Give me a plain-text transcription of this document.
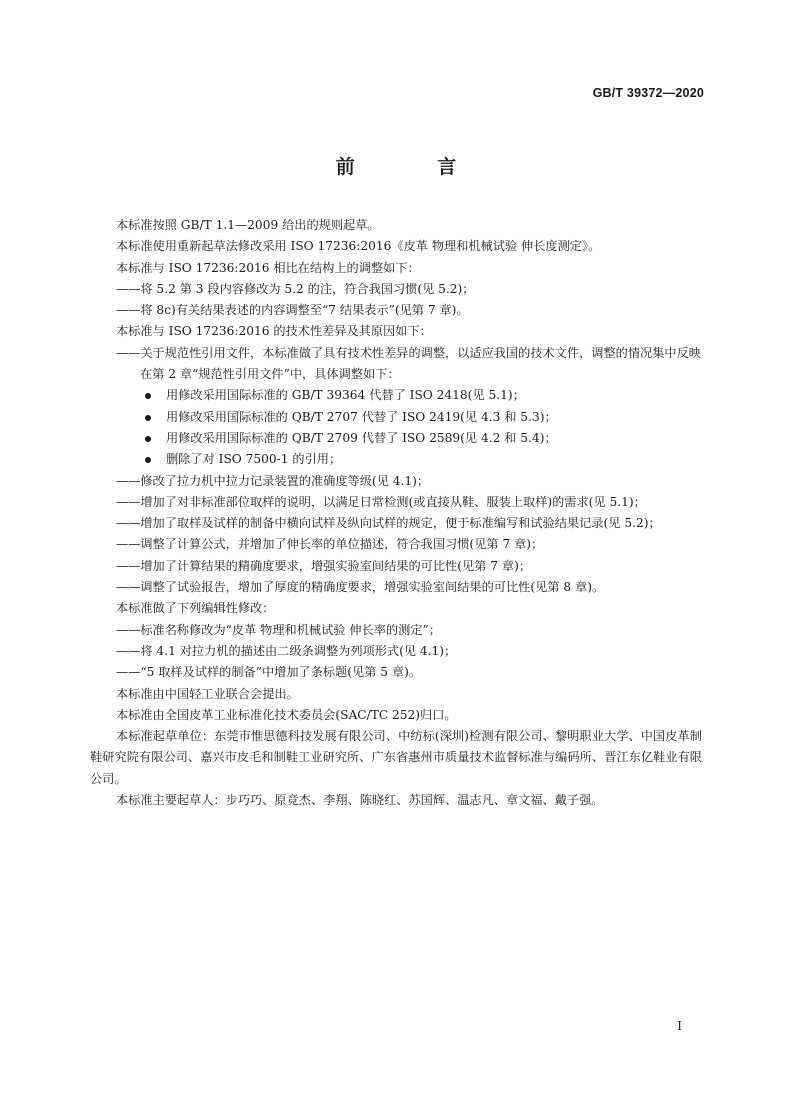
GB/T 39372—2020
前 言

本标准按照 GB/T 1.1—2009 给出的规则起草。

本标准使用重新起草法修改采用 ISO 17236:2016《皮革 物理和机械试验 伸长度测定》。

本标准与 ISO 17236:2016 相比在结构上的调整如下：

——将 5.2 第 3 段内容修改为 5.2 的注，符合我国习惯(见 5.2)；

——将 8c)有关结果表述的内容调整至“7 结果表示”(见第 7 章)。

本标准与 ISO 17236:2016 的技术性差异及其原因如下：

——关于规范性引用文件，本标准做了具有技术性差异的调整，以适应我国的技术文件，调整的情况集中反映在第 2 章“规范性引用文件”中，具体调整如下：

用修改采用国际标准的 GB/T 39364 代替了 ISO 2418(见 5.1)；

用修改采用国际标准的 QB/T 2707 代替了 ISO 2419(见 4.3 和 5.3)；

用修改采用国际标准的 QB/T 2709 代替了 ISO 2589(见 4.2 和 5.4)；

删除了对 ISO 7500-1 的引用；

——修改了拉力机中拉力记录装置的准确度等级(见 4.1)；

——增加了对非标准部位取样的说明，以满足日常检测(或直接从鞋、服装上取样)的需求(见 5.1)；

——增加了取样及试样的制备中横向试样及纵向试样的规定，便于标准编写和试验结果记录(见 5.2)；

——调整了计算公式，并增加了伸长率的单位描述，符合我国习惯(见第 7 章)；

——增加了计算结果的精确度要求，增强实验室间结果的可比性(见第 7 章)；

——调整了试验报告，增加了厚度的精确度要求，增强实验室间结果的可比性(见第 8 章)。

本标准做了下列编辑性修改：

——标准名称修改为“皮革 物理和机械试验 伸长率的测定”；

——将 4.1 对拉力机的描述由二级条调整为列项形式(见 4.1)；

——“5 取样及试样的制备”中增加了条标题(见第 5 章)。

本标准由中国轻工业联合会提出。

本标准由全国皮革工业标准化技术委员会(SAC/TC 252)归口。

本标准起草单位：东莞市惟思德科技发展有限公司、中纺标(深圳)检测有限公司、黎明职业大学、中国皮革制鞋研究院有限公司、嘉兴市皮毛和制鞋工业研究所、广东省惠州市质量技术监督标准与编码所、晋江东亿鞋业有限公司。

本标准主要起草人：步巧巧、原竞杰、李翔、陈晓红、苏国辉、温志凡、章文福、戴子强。

I
